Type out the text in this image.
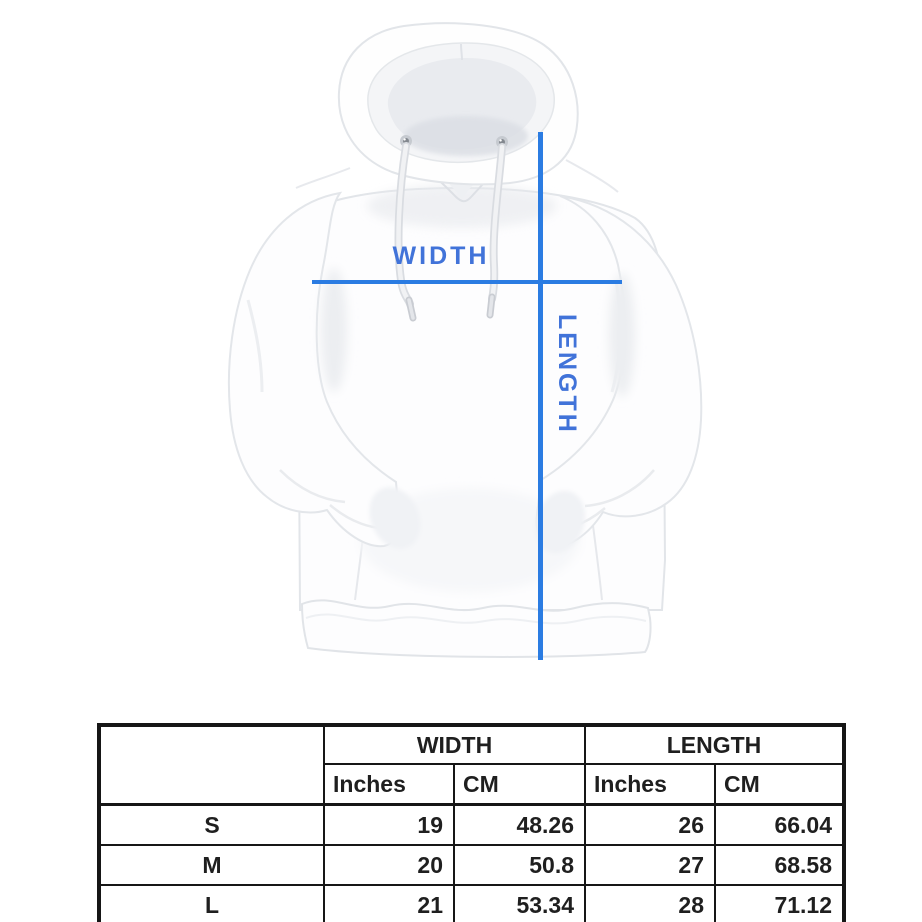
WIDTH
LENGTH
	WIDTH		LENGTH	
	Inches	CM	Inches	CM
S	19	48.26	26	66.04
M	20	50.8	27	68.58
L	21	53.34	28	71.12
